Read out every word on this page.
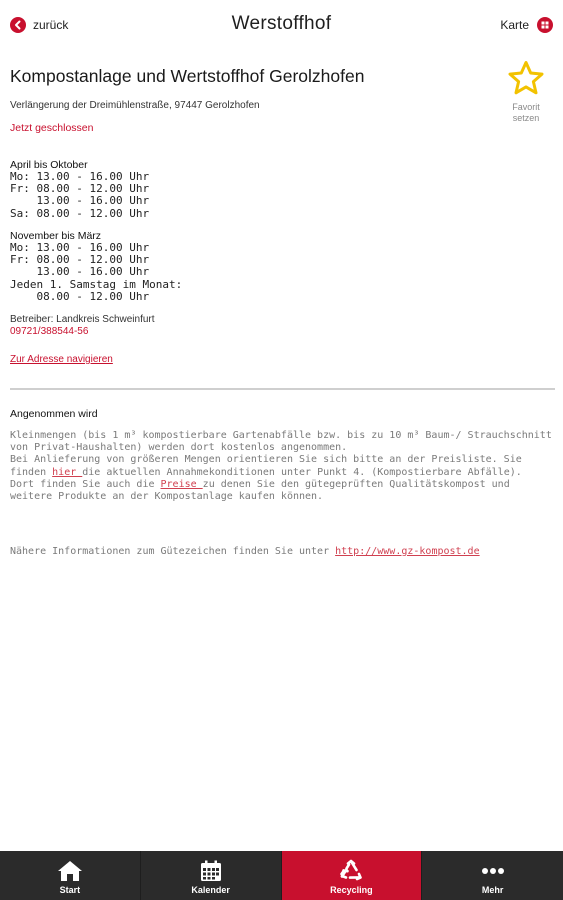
zurück	Werstoffhof	Karte
Kompostanlage und Wertstoffhof Gerolzhofen
Favorit
setzen
Verlängerung der Dreimühlenstraße, 97447 Gerolzhofen
Jetzt geschlossen
April bis Oktober
Mo: 13.00 - 16.00 Uhr
Fr: 08.00 - 12.00 Uhr
13.00 - 16.00 Uhr
Sa: 08.00 - 12.00 Uhr
November bis März
Mo: 13.00 - 16.00 Uhr
Fr: 08.00 - 12.00 Uhr
13.00 - 16.00 Uhr
Jeden 1. Samstag im Monat:
08.00 - 12.00 Uhr
Betreiber: Landkreis Schweinfurt
09721/388544-56
Zur Adresse navigieren
Angenommen wird

Kleinmengen (bis 1 m³ kompostierbare Gartenabfälle bzw. bis zu 10 m³ Baum-/ Strauchschnitt von Privat-Haushalten) werden dort kostenlos angenommen.

Bei Anlieferung von größeren Mengen orientieren Sie sich bitte an der Preisliste. Sie finden hier die aktuellen Annahmekonditionen unter Punkt 4. (Kompostierbare Abfälle).

Dort finden Sie auch die Preise zu denen Sie den gütegeprüften Qualitätskompost und weitere Produkte an der Kompostanlage kaufen können.

Nähere Informationen zum Gütezeichen finden Sie unter http://www.gz-kompost.de
Start	Kalender	Recycling	Mehr
